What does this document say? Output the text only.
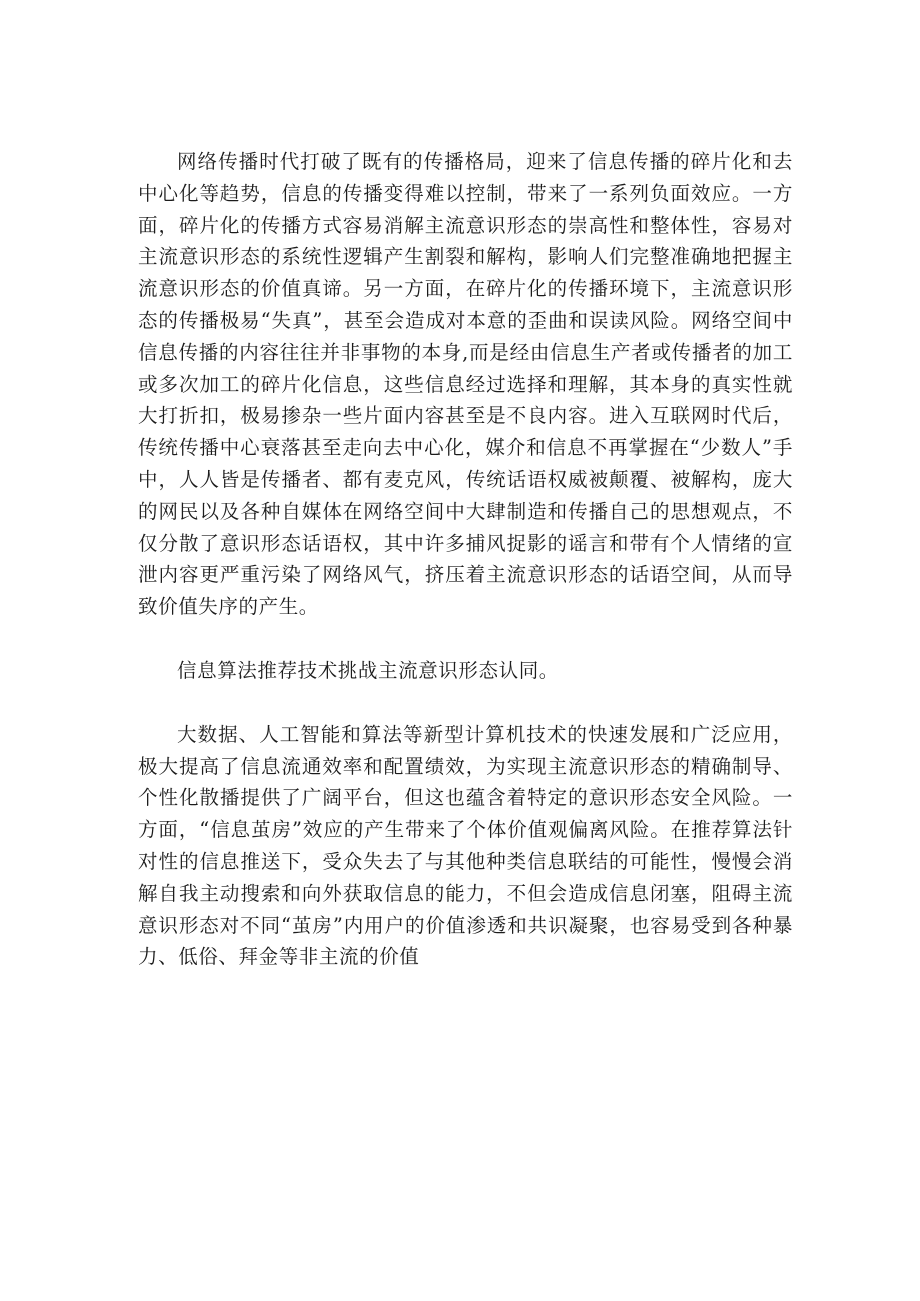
网络传播时代打破了既有的传播格局，迎来了信息传播的碎片化和去中心化等趋势，信息的传播变得难以控制，带来了一系列负面效应。一方面，碎片化的传播方式容易消解主流意识形态的崇高性和整体性，容易对主流意识形态的系统性逻辑产生割裂和解构，影响人们完整准确地把握主流意识形态的价值真谛。另一方面，在碎片化的传播环境下，主流意识形态的传播极易“失真”，甚至会造成对本意的歪曲和误读风险。网络空间中信息传播的内容往往并非事物的本身,而是经由信息生产者或传播者的加工或多次加工的碎片化信息，这些信息经过选择和理解，其本身的真实性就大打折扣，极易掺杂一些片面内容甚至是不良内容。进入互联网时代后，传统传播中心衰落甚至走向去中心化，媒介和信息不再掌握在“少数人”手中，人人皆是传播者、都有麦克风，传统话语权威被颠覆、被解构，庞大的网民以及各种自媒体在网络空间中大肆制造和传播自己的思想观点，不仅分散了意识形态话语权，其中许多捕风捉影的谣言和带有个人情绪的宣泄内容更严重污染了网络风气，挤压着主流意识形态的话语空间，从而导致价值失序的产生。

信息算法推荐技术挑战主流意识形态认同。

大数据、人工智能和算法等新型计算机技术的快速发展和广泛应用，极大提高了信息流通效率和配置绩效，为实现主流意识形态的精确制导、个性化散播提供了广阔平台，但这也蕴含着特定的意识形态安全风险。一方面，“信息茧房”效应的产生带来了个体价值观偏离风险。在推荐算法针对性的信息推送下，受众失去了与其他种类信息联结的可能性，慢慢会消解自我主动搜索和向外获取信息的能力，不但会造成信息闭塞，阻碍主流意识形态对不同“茧房”内用户的价值渗透和共识凝聚，也容易受到各种暴力、低俗、拜金等非主流的价值
